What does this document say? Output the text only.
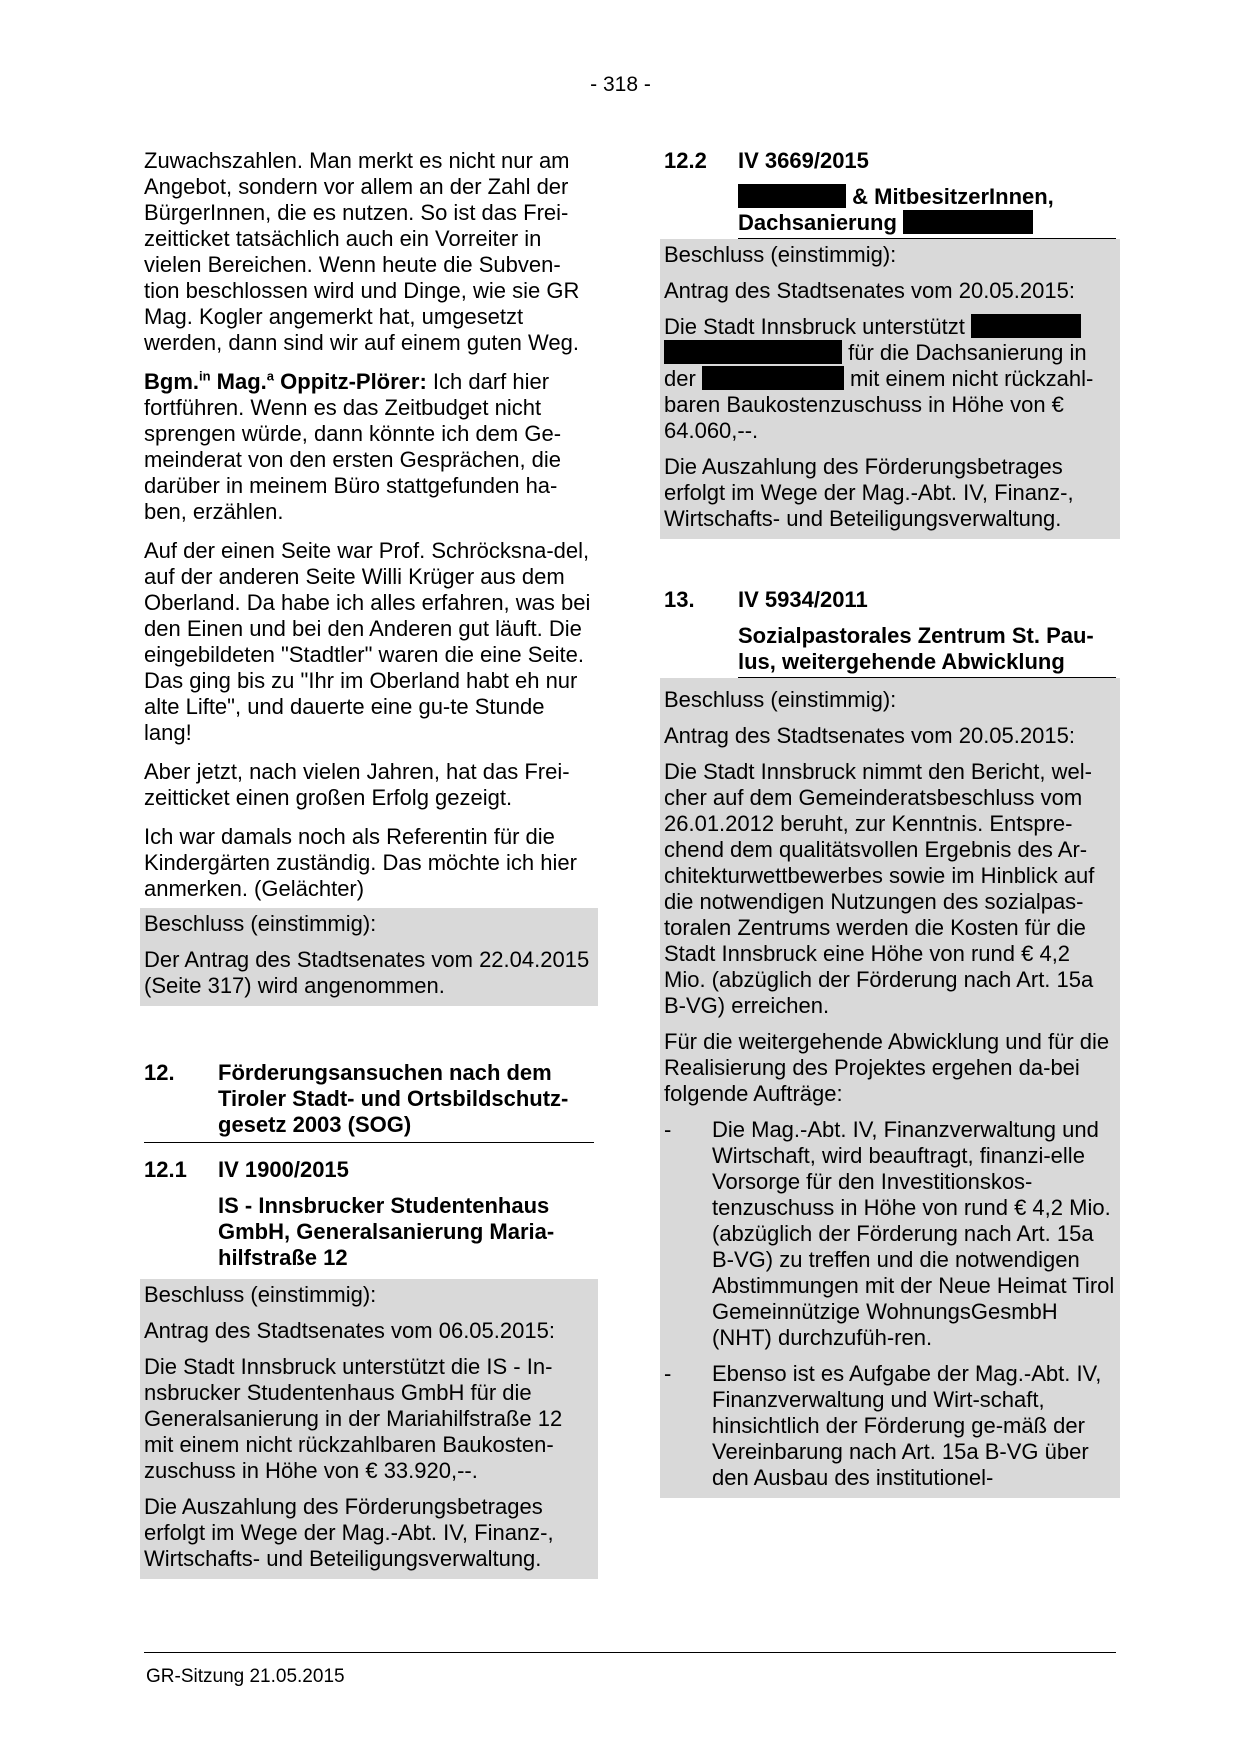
- 318 -

Zuwachszahlen. Man merkt es nicht nur am Angebot, sondern vor allem an der Zahl der BürgerInnen, die es nutzen. So ist das Frei-zeitticket tatsächlich auch ein Vorreiter in vielen Bereichen. Wenn heute die Subven-tion beschlossen wird und Dinge, wie sie GR Mag. Kogler angemerkt hat, umgesetzt werden, dann sind wir auf einem guten Weg.

Bgm.$^{in}$ Mag.$^a$ Oppitz-Plörer: Ich darf hier fortführen. Wenn es das Zeitbudget nicht sprengen würde, dann könnte ich dem Ge-meinderat von den ersten Gesprächen, die darüber in meinem Büro stattgefunden ha-ben, erzählen.

Auf der einen Seite war Prof. Schröcksna-del, auf der anderen Seite Willi Krüger aus dem Oberland. Da habe ich alles erfahren, was bei den Einen und bei den Anderen gut läuft. Die eingebildeten "Stadtler" waren die eine Seite. Das ging bis zu "Ihr im Oberland habt eh nur alte Lifte", und dauerte eine gu-te Stunde lang!

Aber jetzt, nach vielen Jahren, hat das Frei-zeitticket einen großen Erfolg gezeigt.

Ich war damals noch als Referentin für die Kindergärten zuständig. Das möchte ich hier anmerken. (Gelächter)

Beschluss (einstimmig):

Der Antrag des Stadtsenates vom 22.04.2015 (Seite 317) wird angenommen.

12.	Förderungsansuchen nach dem Tiroler Stadt- und Ortsbildschutz-gesetz 2003 (SOG)
12.1	IV 1900/2015
IS - Innsbrucker Studentenhaus GmbH, Generalsanierung Maria-hilfstraße 12

Beschluss (einstimmig):

Antrag des Stadtsenates vom 06.05.2015:

Die Stadt Innsbruck unterstützt die IS - In-nsbrucker Studentenhaus GmbH für die Generalsanierung in der Mariahilfstraße 12 mit einem nicht rückzahlbaren Baukosten-zuschuss in Höhe von € 33.920,--.

Die Auszahlung des Förderungsbetrages erfolgt im Wege der Mag.-Abt. IV, Finanz-, Wirtschafts- und Beteiligungsverwaltung.

12.2	IV 3669/2015
& MitbesitzerInnen,
Dachsanierung

Beschluss (einstimmig):

Antrag des Stadtsenates vom 20.05.2015:

Die Stadt Innsbruck unterstützt
für die Dachsanierung in
der	mit einem nicht rückzahl-baren Baukostenzuschuss in Höhe von € 64.060,--.

Die Auszahlung des Förderungsbetrages erfolgt im Wege der Mag.-Abt. IV, Finanz-, Wirtschafts- und Beteiligungsverwaltung.

13.	IV 5934/2011
Sozialpastorales Zentrum St. Pau-lus, weitergehende Abwicklung

Beschluss (einstimmig):

Antrag des Stadtsenates vom 20.05.2015:

Die Stadt Innsbruck nimmt den Bericht, wel-cher auf dem Gemeinderatsbeschluss vom 26.01.2012 beruht, zur Kenntnis. Entspre-chend dem qualitätsvollen Ergebnis des Ar-chitekturwettbewerbes sowie im Hinblick auf die notwendigen Nutzungen des sozialpas-toralen Zentrums werden die Kosten für die Stadt Innsbruck eine Höhe von rund € 4,2 Mio. (abzüglich der Förderung nach Art. 15a B-VG) erreichen.

Für die weitergehende Abwicklung und für die Realisierung des Projektes ergehen da-bei folgende Aufträge:

-	Die Mag.-Abt. IV, Finanzverwaltung und Wirtschaft, wird beauftragt, finanzi-elle Vorsorge für den Investitionskos-tenzuschuss in Höhe von rund € 4,2 Mio. (abzüglich der Förderung nach Art. 15a B-VG) zu treffen und die notwendigen Abstimmungen mit der Neue Heimat Tirol Gemeinnützige WohnungsGesmbH (NHT) durchzufüh-ren.
-	Ebenso ist es Aufgabe der Mag.-Abt. IV, Finanzverwaltung und Wirt-schaft, hinsichtlich der Förderung ge-mäß der Vereinbarung nach Art. 15a B-VG über den Ausbau des institutionel-
GR-Sitzung 21.05.2015
